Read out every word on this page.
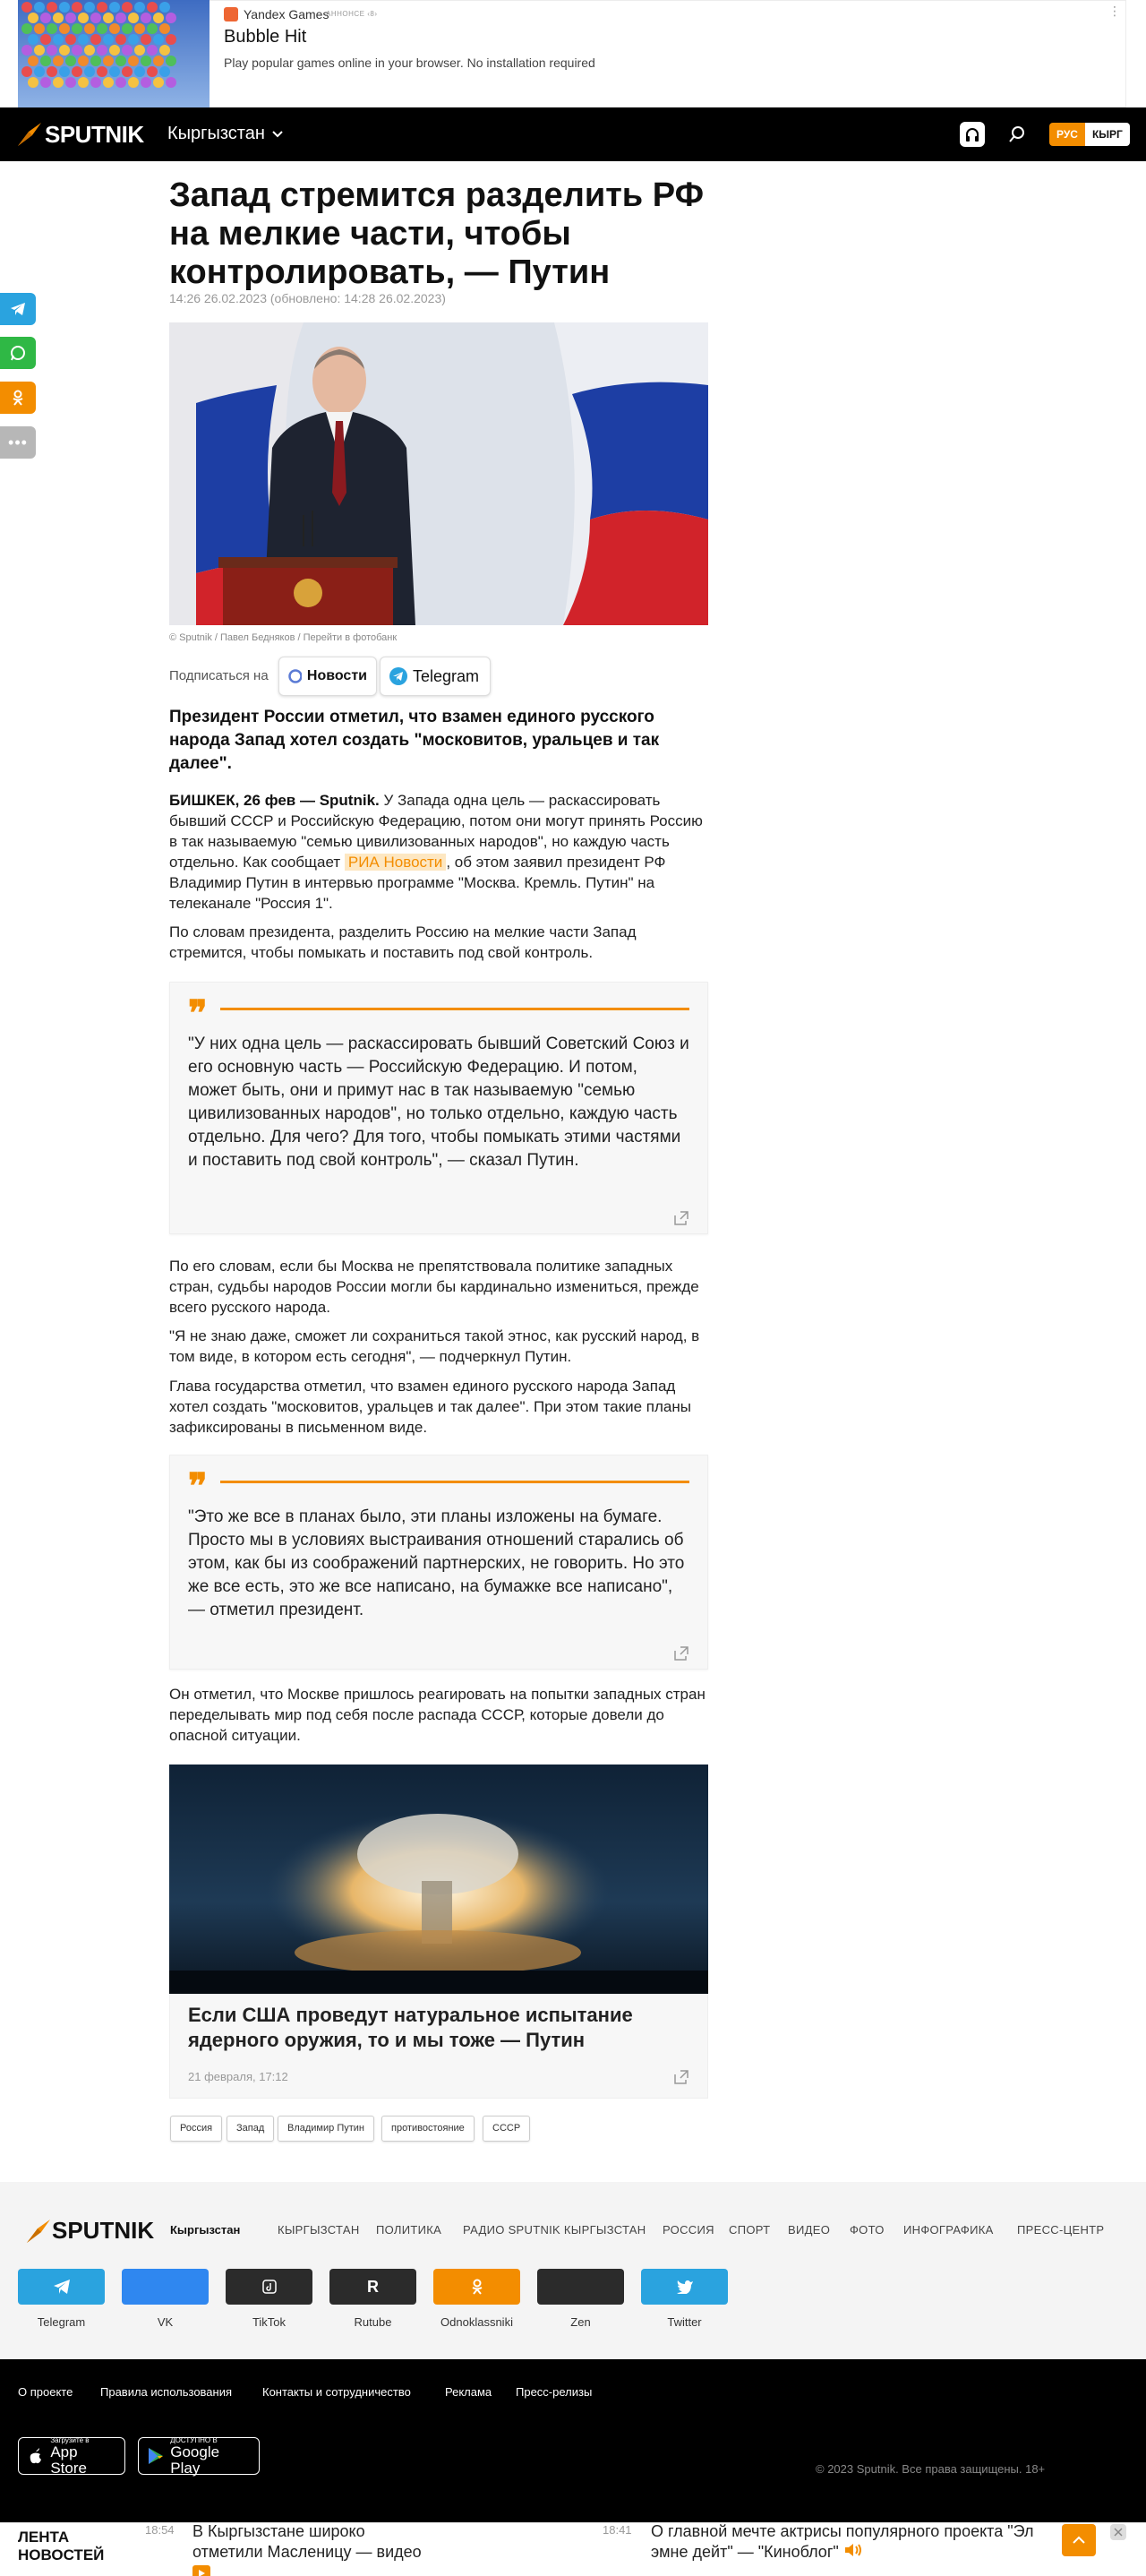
Yandex Games
АННОНСЕ ‹8›
Bubble Hit
Play popular games online in your browser. No installation required
⋮
SPUTNIK Кыргызстан	РУС	КЫРГ
•••
Запад стремится разделить РФ на мелкие части, чтобы контролировать, — Путин
14:26 26.02.2023 (обновлено: 14:28 26.02.2023)
© Sputnik / Павел Бедняков / Перейти в фотобанк
Подписаться на	Новости	Telegram

Президент России отметил, что взамен единого русского народа Запад хотел создать "московитов, уральцев и так далее".

БИШКЕК, 26 фев — Sputnik. У Запада одна цель — раскассировать бывший СССР и Российскую Федерацию, потом они могут принять Россию в так называемую "семью цивилизованных народов", но каждую часть отдельно. Как сообщает РИА Новости , об этом заявил президент РФ Владимир Путин в интервью программе "Москва. Кремль. Путин" на телеканале "Россия 1".

По словам президента, разделить Россию на мелкие части Запад стремится, чтобы помыкать и поставить под свой контроль.

❞
"У них одна цель — раскассировать бывший Советский Союз и его основную часть — Российскую Федерацию. И потом, может быть, они и примут нас в так называемую "семью цивилизованных народов", но только отдельно, каждую часть отдельно. Для чего? Для того, чтобы помыкать этими частями и поставить под свой контроль", — сказал Путин.

По его словам, если бы Москва не препятствовала политике западных стран, судьбы народов России могли бы кардинально измениться, прежде всего русского народа.

"Я не знаю даже, сможет ли сохраниться такой этнос, как русский народ, в том виде, в котором есть сегодня", — подчеркнул Путин.

Глава государства отметил, что взамен единого русского народа Запад хотел создать "московитов, уральцев и так далее". При этом такие планы зафиксированы в письменном виде.

❞
"Это же все в планах было, эти планы изложены на бумаге. Просто мы в условиях выстраивания отношений старались об этом, как бы из соображений партнерских, не говорить. Но это же все есть, это же все написано, на бумажке все написано", — отметил президент.

Он отметил, что Москве пришлось реагировать на попытки западных стран переделывать мир под себя после распада СССР, которые довели до опасной ситуации.

Если США проведут натуральное испытание ядерного оружия, то и мы тоже — Путин
21 февраля, 17:12
Россия	Запад	Владимир Путин	противостояние	СССР
SPUTNIK Кыргызстан	КЫРГЫЗСТАН ПОЛИТИКА РАДИО SPUTNIK КЫРГЫЗСТАН РОССИЯ СПОРТ ВИДЕО ФОТО ИНФОГРАФИКА ПРЕСС-ЦЕНТР
R
Telegram	VK	TikTok	Rutube	Odnoklassniki	Zen	Twitter
О проекте Правила использования	Контакты и сотрудничество	Реклама Пресс-релизы
Загрузите в
App Store
ДОСТУПНО В
Google Play	© 2023 Sputnik. Все права защищены. 18+
ЛЕНТА
НОВОСТЕЙ
18:54 В Кыргызстане широко отметили Масленицу — видео
18:41 О главной мечте актрисы популярного проекта "Эл эмне дейт" — "Киноблог"
